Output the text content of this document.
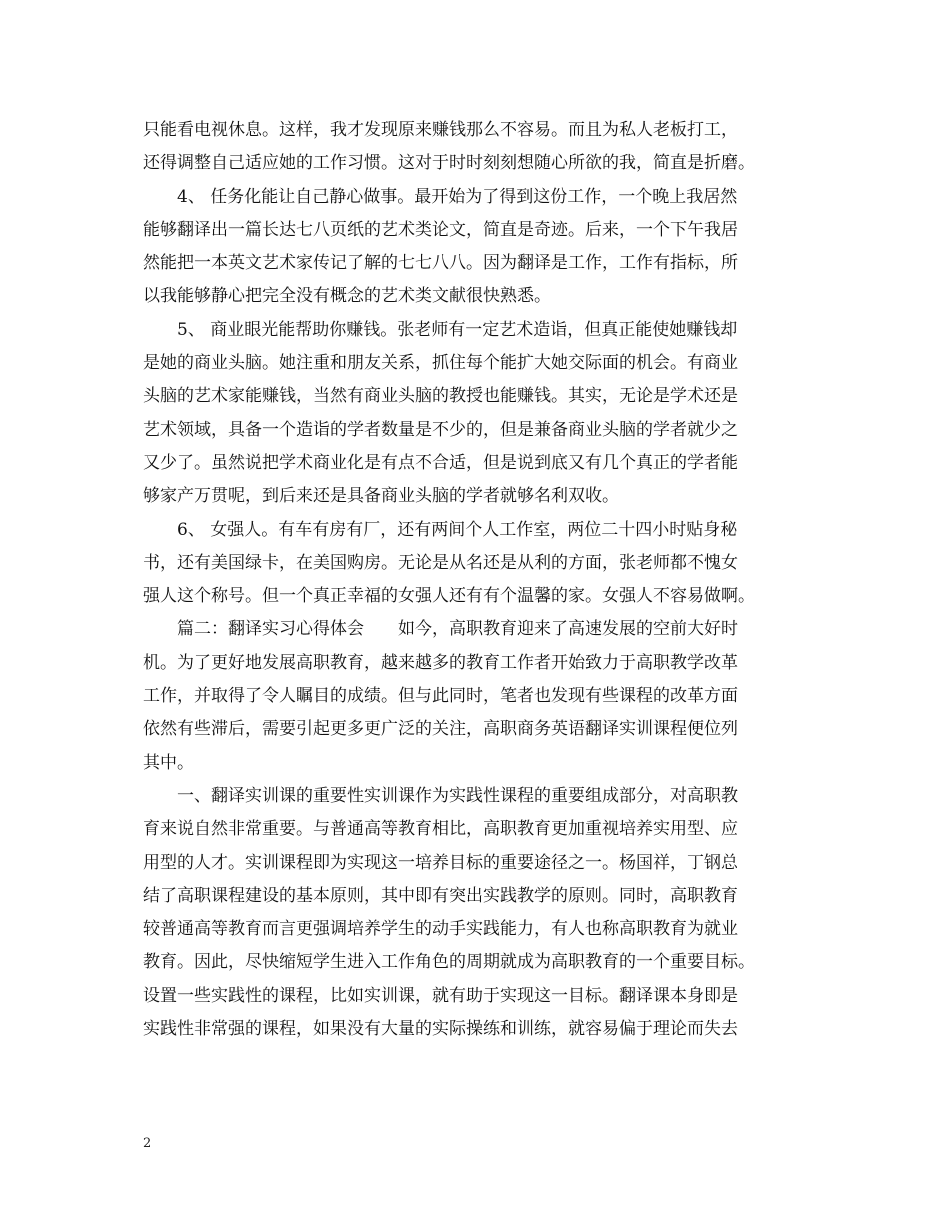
只能看电视休息。这样，我才发现原来赚钱那么不容易。而且为私人老板打工，
还得调整自己适应她的工作习惯。这对于时时刻刻想随心所欲的我，简直是折磨。
4、 任务化能让自己静心做事。最开始为了得到这份工作，一个晚上我居然
能够翻译出一篇长达七八页纸的艺术类论文，简直是奇迹。后来，一个下午我居
然能把一本英文艺术家传记了解的七七八八。因为翻译是工作，工作有指标，所
以我能够静心把完全没有概念的艺术类文献很快熟悉。
5、 商业眼光能帮助你赚钱。张老师有一定艺术造诣，但真正能使她赚钱却
是她的商业头脑。她注重和朋友关系，抓住每个能扩大她交际面的机会。有商业
头脑的艺术家能赚钱，当然有商业头脑的教授也能赚钱。其实，无论是学术还是
艺术领域，具备一个造诣的学者数量是不少的，但是兼备商业头脑的学者就少之
又少了。虽然说把学术商业化是有点不合适，但是说到底又有几个真正的学者能
够家产万贯呢，到后来还是具备商业头脑的学者就够名利双收。
6、 女强人。有车有房有厂，还有两间个人工作室，两位二十四小时贴身秘
书，还有美国绿卡，在美国购房。无论是从名还是从利的方面，张老师都不愧女
强人这个称号。但一个真正幸福的女强人还有有个温馨的家。女强人不容易做啊。
篇二：翻译实习心得体会　　如今，高职教育迎来了高速发展的空前大好时
机。为了更好地发展高职教育，越来越多的教育工作者开始致力于高职教学改革
工作，并取得了令人瞩目的成绩。但与此同时，笔者也发现有些课程的改革方面
依然有些滞后，需要引起更多更广泛的关注，高职商务英语翻译实训课程便位列
其中。
一、翻译实训课的重要性实训课作为实践性课程的重要组成部分，对高职教
育来说自然非常重要。与普通高等教育相比，高职教育更加重视培养实用型、应
用型的人才。实训课程即为实现这一培养目标的重要途径之一。杨国祥，丁钢总
结了高职课程建设的基本原则，其中即有突出实践教学的原则。同时，高职教育
较普通高等教育而言更强调培养学生的动手实践能力，有人也称高职教育为就业
教育。因此，尽快缩短学生进入工作角色的周期就成为高职教育的一个重要目标。
设置一些实践性的课程，比如实训课，就有助于实现这一目标。翻译课本身即是
实践性非常强的课程，如果没有大量的实际操练和训练，就容易偏于理论而失去
2
